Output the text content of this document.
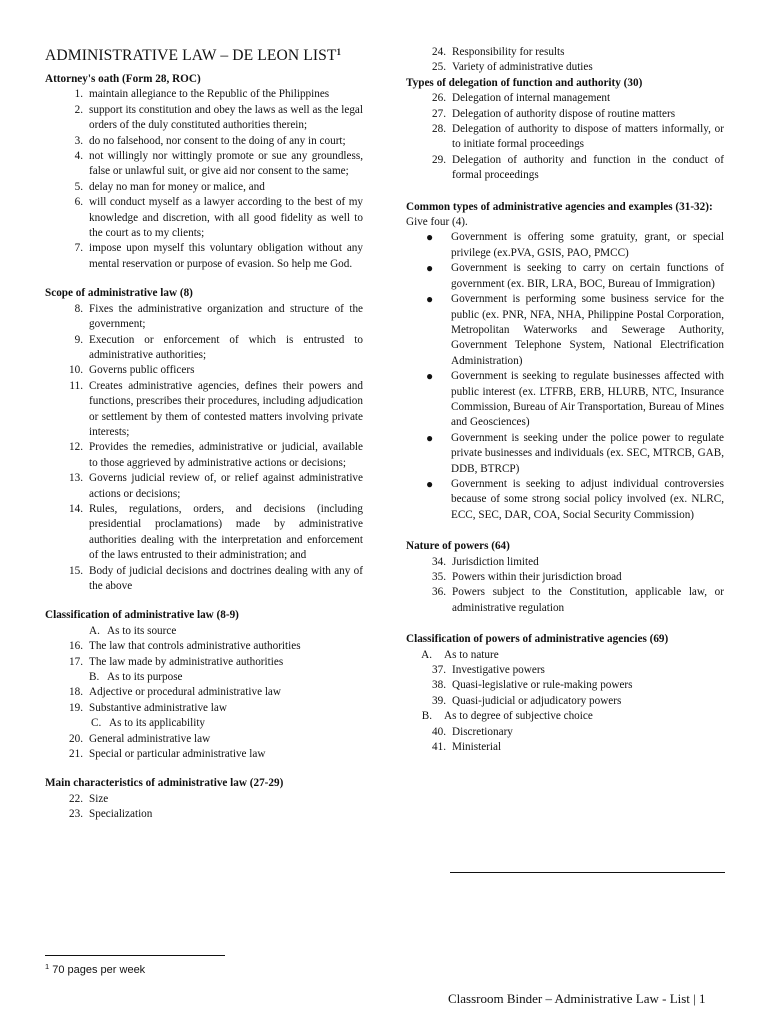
ADMINISTRATIVE LAW – DE LEON LIST$^1$
Attorney's oath (Form 28, ROC)
1. maintain allegiance to the Republic of the Philippines
2. support its constitution and obey the laws as well as the legal orders of the duly constituted authorities therein;
3. do no falsehood, nor consent to the doing of any in court;
4. not willingly nor wittingly promote or sue any groundless, false or unlawful suit, or give aid nor consent to the same;
5. delay no man for money or malice, and
6. will conduct myself as a lawyer according to the best of my knowledge and discretion, with all good fidelity as well to the court as to my clients;
7. impose upon myself this voluntary obligation without any mental reservation or purpose of evasion. So help me God.
Scope of administrative law (8)
8. Fixes the administrative organization and structure of the government;
9. Execution or enforcement of which is entrusted to administrative authorities;
10. Governs public officers
11. Creates administrative agencies, defines their powers and functions, prescribes their procedures, including adjudication or settlement by them of contested matters involving private interests;
12. Provides the remedies, administrative or judicial, available to those aggrieved by administrative actions or decisions;
13. Governs judicial review of, or relief against administrative actions or decisions;
14. Rules, regulations, orders, and decisions (including presidential proclamations) made by administrative authorities dealing with the interpretation and enforcement of the laws entrusted to their administration; and
15. Body of judicial decisions and doctrines dealing with any of the above
Classification of administrative law (8-9)
A. As to its source
16. The law that controls administrative authorities
17. The law made by administrative authorities
B. As to its purpose
18. Adjective or procedural administrative law
19. Substantive administrative law
C. As to its applicability
20. General administrative law
21. Special or particular administrative law
Main characteristics of administrative law (27-29)
22. Size
23. Specialization
24. Responsibility for results
25. Variety of administrative duties
Types of delegation of function and authority (30)
26. Delegation of internal management
27. Delegation of authority dispose of routine matters
28. Delegation of authority to dispose of matters informally, or to initiate formal proceedings
29. Delegation of authority and function in the conduct of formal proceedings
Common types of administrative agencies and examples (31-32): Give four (4).
● Government is offering some gratuity, grant, or special privilege (ex.PVA, GSIS, PAO, PMCC)
● Government is seeking to carry on certain functions of government (ex. BIR, LRA, BOC, Bureau of Immigration)
● Government is performing some business service for the public (ex. PNR, NFA, NHA, Philippine Postal Corporation, Metropolitan Waterworks and Sewerage Authority, Government Telephone System, National Electrification Administration)
● Government is seeking to regulate businesses affected with public interest (ex. LTFRB, ERB, HLURB, NTC, Insurance Commission, Bureau of Air Transportation, Bureau of Mines and Geosciences)
● Government is seeking under the police power to regulate private businesses and individuals (ex. SEC, MTRCB, GAB, DDB, BTRCP)
● Government is seeking to adjust individual controversies because of some strong social policy involved (ex. NLRC, ECC, SEC, DAR, COA, Social Security Commission)
Nature of powers (64)
34. Jurisdiction limited
35. Powers within their jurisdiction broad
36. Powers subject to the Constitution, applicable law, or administrative regulation
Classification of powers of administrative agencies (69)
A. As to nature
37. Investigative powers
38. Quasi-legislative or rule-making powers
39. Quasi-judicial or adjudicatory powers
B. As to degree of subjective choice
40. Discretionary
41. Ministerial
$^1$ 70 pages per week
Classroom Binder – Administrative Law - List | 1
